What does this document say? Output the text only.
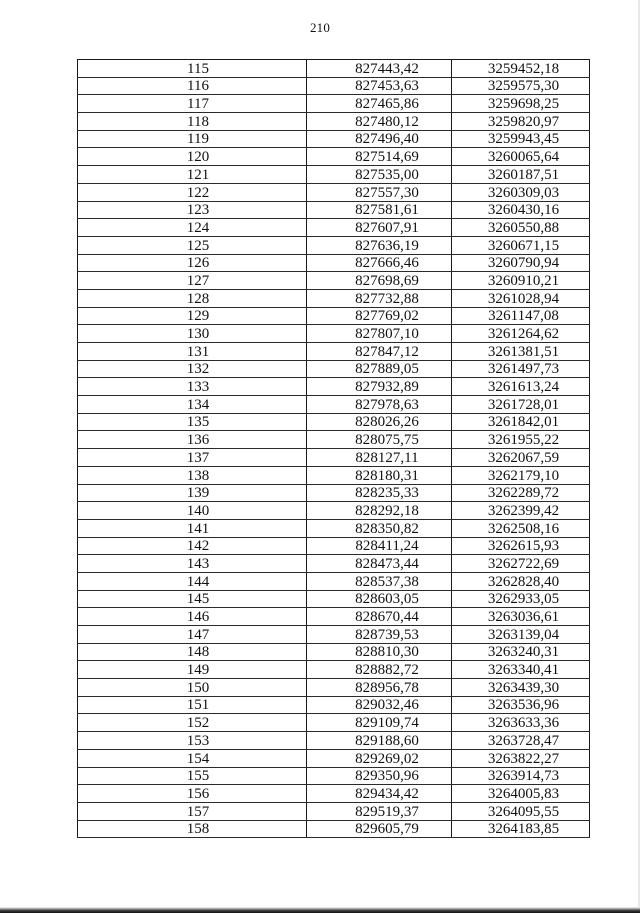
210
115	827443,42	3259452,18
116	827453,63	3259575,30
117	827465,86	3259698,25
118	827480,12	3259820,97
119	827496,40	3259943,45
120	827514,69	3260065,64
121	827535,00	3260187,51
122	827557,30	3260309,03
123	827581,61	3260430,16
124	827607,91	3260550,88
125	827636,19	3260671,15
126	827666,46	3260790,94
127	827698,69	3260910,21
128	827732,88	3261028,94
129	827769,02	3261147,08
130	827807,10	3261264,62
131	827847,12	3261381,51
132	827889,05	3261497,73
133	827932,89	3261613,24
134	827978,63	3261728,01
135	828026,26	3261842,01
136	828075,75	3261955,22
137	828127,11	3262067,59
138	828180,31	3262179,10
139	828235,33	3262289,72
140	828292,18	3262399,42
141	828350,82	3262508,16
142	828411,24	3262615,93
143	828473,44	3262722,69
144	828537,38	3262828,40
145	828603,05	3262933,05
146	828670,44	3263036,61
147	828739,53	3263139,04
148	828810,30	3263240,31
149	828882,72	3263340,41
150	828956,78	3263439,30
151	829032,46	3263536,96
152	829109,74	3263633,36
153	829188,60	3263728,47
154	829269,02	3263822,27
155	829350,96	3263914,73
156	829434,42	3264005,83
157	829519,37	3264095,55
158	829605,79	3264183,85
